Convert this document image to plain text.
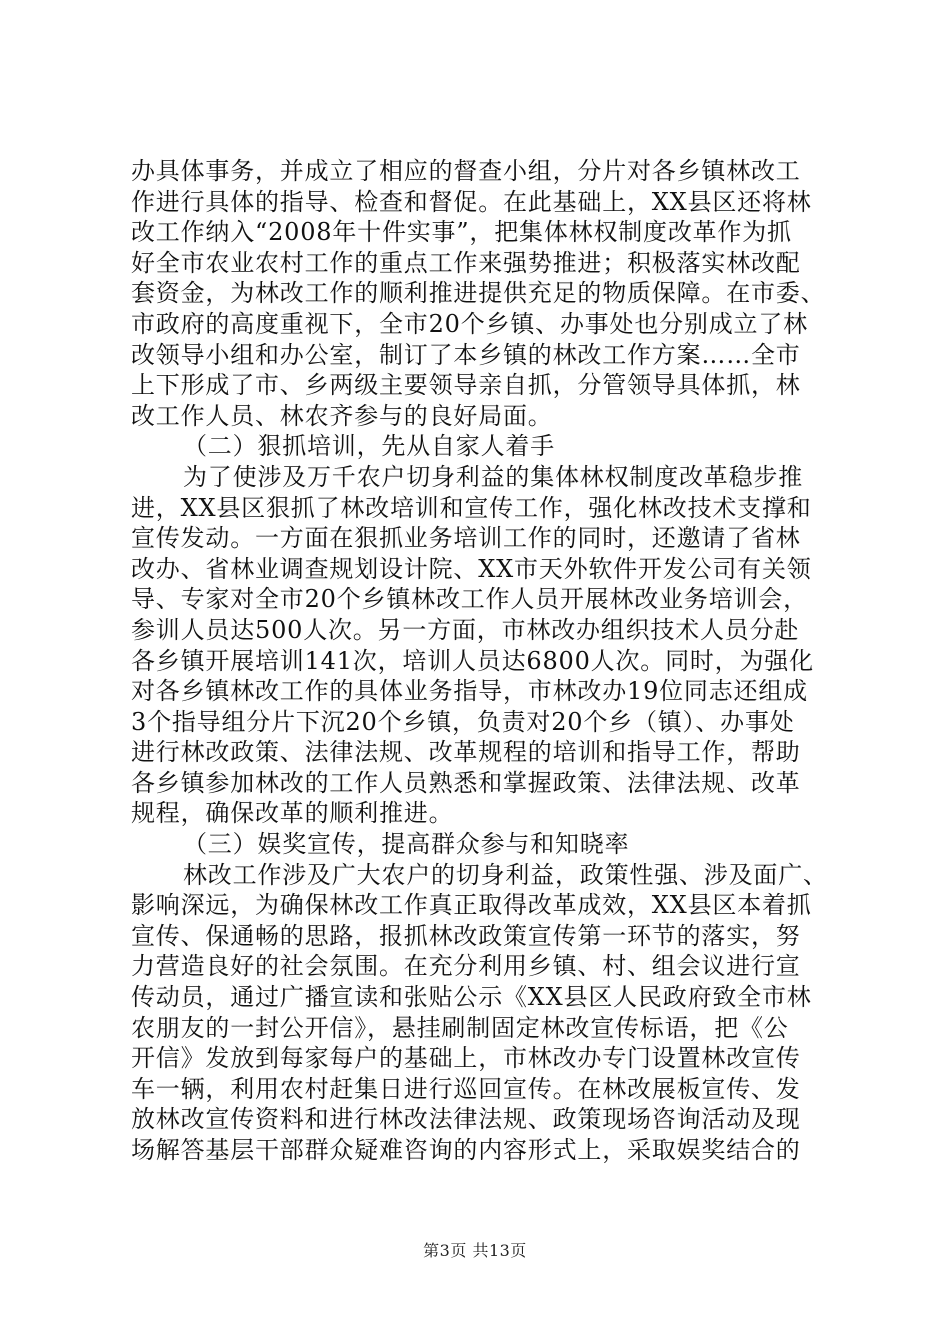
办具体事务，并成立了相应的督查小组，分片对各乡镇林改工
作进行具体的指导、检查和督促。在此基础上，XX县区还将林
改工作纳入“2008年十件实事”，把集体林权制度改革作为抓
好全市农业农村工作的重点工作来强势推进；积极落实林改配
套资金，为林改工作的顺利推进提供充足的物质保障。在市委、
市政府的高度重视下，全市20个乡镇、办事处也分别成立了林
改领导小组和办公室，制订了本乡镇的林改工作方案……全市
上下形成了市、乡两级主要领导亲自抓，分管领导具体抓，林
改工作人员、林农齐参与的良好局面。
（二）狠抓培训，先从自家人着手
为了使涉及万千农户切身利益的集体林权制度改革稳步推
进，XX县区狠抓了林改培训和宣传工作，强化林改技术支撑和
宣传发动。一方面在狠抓业务培训工作的同时，还邀请了省林
改办、省林业调查规划设计院、XX市天外软件开发公司有关领
导、专家对全市20个乡镇林改工作人员开展林改业务培训会，
参训人员达500人次。另一方面，市林改办组织技术人员分赴
各乡镇开展培训141次，培训人员达6800人次。同时，为强化
对各乡镇林改工作的具体业务指导，市林改办19位同志还组成
3个指导组分片下沉20个乡镇，负责对20个乡（镇）、办事处
进行林改政策、法律法规、改革规程的培训和指导工作，帮助
各乡镇参加林改的工作人员熟悉和掌握政策、法律法规、改革
规程，确保改革的顺利推进。
（三）娱奖宣传，提高群众参与和知晓率
林改工作涉及广大农户的切身利益，政策性强、涉及面广、
影响深远，为确保林改工作真正取得改革成效，XX县区本着抓
宣传、保通畅的思路，报抓林改政策宣传第一环节的落实，努
力营造良好的社会氛围。在充分利用乡镇、村、组会议进行宣
传动员，通过广播宣读和张贴公示《XX县区人民政府致全市林
农朋友的一封公开信》，悬挂刷制固定林改宣传标语，把《公
开信》发放到每家每户的基础上，市林改办专门设置林改宣传
车一辆，利用农村赶集日进行巡回宣传。在林改展板宣传、发
放林改宣传资料和进行林改法律法规、政策现场咨询活动及现
场解答基层干部群众疑难咨询的内容形式上，采取娱奖结合的
第3页 共13页
